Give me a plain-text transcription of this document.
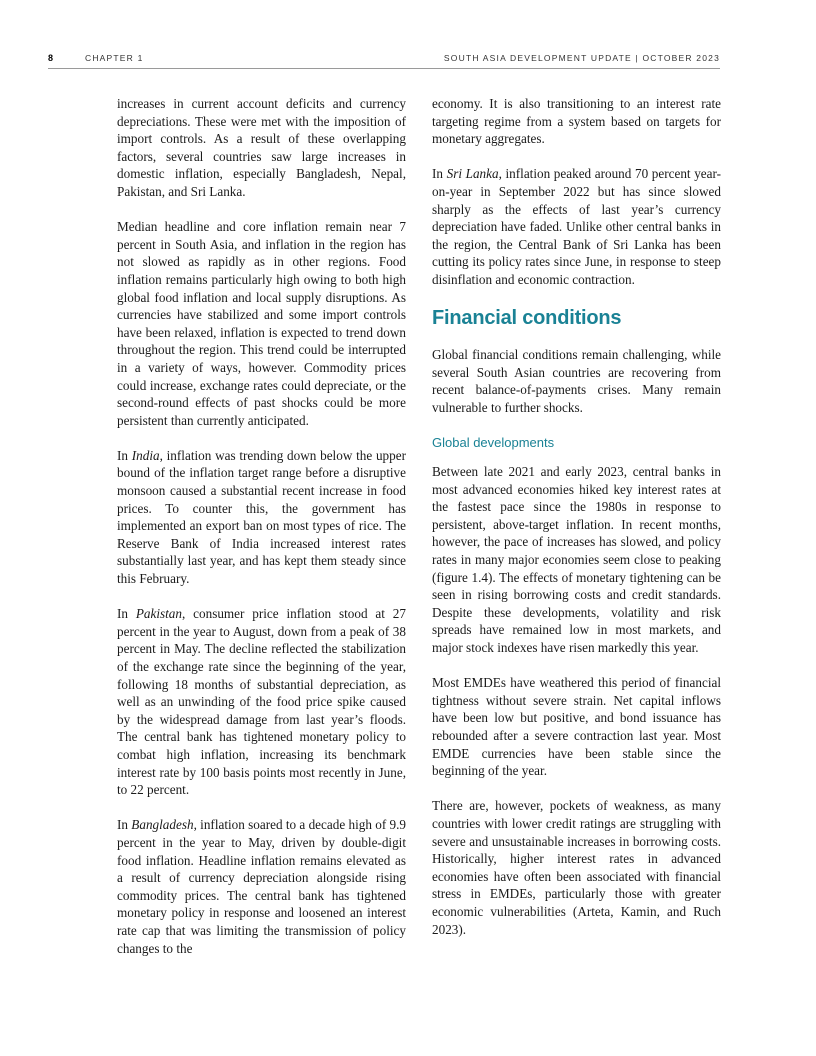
8	CHAPTER 1	SOUTH ASIA DEVELOPMENT UPDATE | OCTOBER 2023

increases in current account deficits and currency depreciations. These were met with the imposition of import controls. As a result of these overlapping factors, several countries saw large increases in domestic inflation, especially Bangladesh, Nepal, Pakistan, and Sri Lanka.

Median headline and core inflation remain near 7 percent in South Asia, and inflation in the region has not slowed as rapidly as in other regions. Food inflation remains particularly high owing to both high global food inflation and local supply disruptions. As currencies have stabilized and some import controls have been relaxed, inflation is expected to trend down throughout the region. This trend could be interrupted in a variety of ways, however. Commodity prices could increase, exchange rates could depreciate, or the second-round effects of past shocks could be more persistent than currently anticipated.

In India, inflation was trending down below the upper bound of the inflation target range before a disruptive monsoon caused a substantial recent increase in food prices. To counter this, the government has implemented an export ban on most types of rice. The Reserve Bank of India increased interest rates substantially last year, and has kept them steady since this February.

In Pakistan, consumer price inflation stood at 27 percent in the year to August, down from a peak of 38 percent in May. The decline reflected the stabilization of the exchange rate since the beginning of the year, following 18 months of substantial depreciation, as well as an unwinding of the food price spike caused by the widespread damage from last year’s floods. The central bank has tightened monetary policy to combat high inflation, increasing its benchmark interest rate by 100 basis points most recently in June, to 22 percent.

In Bangladesh, inflation soared to a decade high of 9.9 percent in the year to May, driven by double-digit food inflation. Headline inflation remains elevated as a result of currency depreciation alongside rising commodity prices. The central bank has tightened monetary policy in response and loosened an interest rate cap that was limiting the transmission of policy changes to the

economy. It is also transitioning to an interest rate targeting regime from a system based on targets for monetary aggregates.

In Sri Lanka, inflation peaked around 70 percent year-on-year in September 2022 but has since slowed sharply as the effects of last year’s currency depreciation have faded. Unlike other central banks in the region, the Central Bank of Sri Lanka has been cutting its policy rates since June, in response to steep disinflation and economic contraction.

Financial conditions

Global financial conditions remain challenging, while several South Asian countries are recovering from recent balance-of-payments crises. Many remain vulnerable to further shocks.

Global developments

Between late 2021 and early 2023, central banks in most advanced economies hiked key interest rates at the fastest pace since the 1980s in response to persistent, above-target inflation. In recent months, however, the pace of increases has slowed, and policy rates in many major economies seem close to peaking (figure 1.4). The effects of monetary tightening can be seen in rising borrowing costs and credit standards. Despite these developments, volatility and risk spreads have remained low in most markets, and major stock indexes have risen markedly this year.

Most EMDEs have weathered this period of financial tightness without severe strain. Net capital inflows have been low but positive, and bond issuance has rebounded after a severe contraction last year. Most EMDE currencies have been stable since the beginning of the year.

There are, however, pockets of weakness, as many countries with lower credit ratings are struggling with severe and unsustainable increases in borrowing costs. Historically, higher interest rates in advanced economies have often been associated with financial stress in EMDEs, particularly those with greater economic vulnerabilities (Arteta, Kamin, and Ruch 2023).
